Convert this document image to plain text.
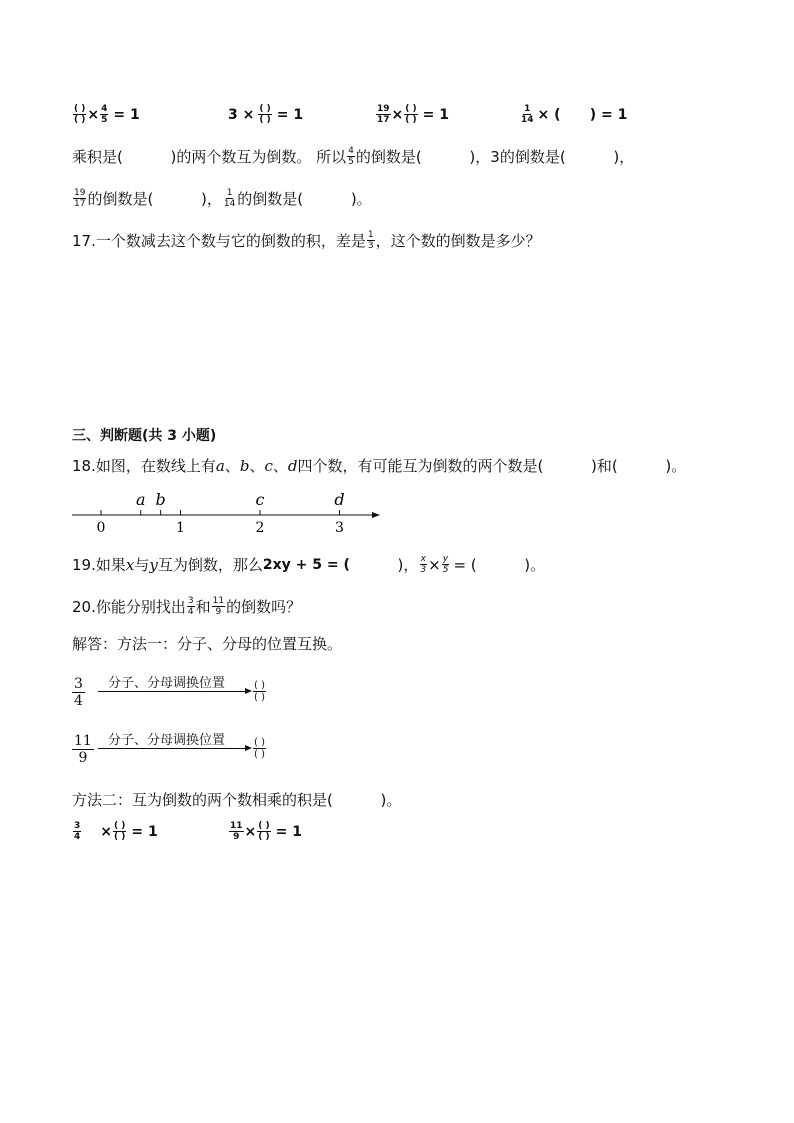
$\frac{( )}{( )} \times \frac{4}{5} = 1$	$3 \times \frac{( )}{( )} = 1$	$\frac{19}{17} \times \frac{( )}{( )} = 1$	$\frac{1}{14}$ × (      ) = 1
乘积是(          )的两个数互为倒数。 所以 $\frac{4}{5}$ 的倒数是(          )，3的倒数是(          )，
$\frac{19}{17}$ 的倒数是(          )， $\frac{1}{14}$ 的倒数是(          )。
17.一个数减去这个数与它的倒数的积，差是 $\frac{1}{3}$ ，这个数的倒数是多少？
三、判断题(共 3 小题)
18.如图，在数线上有 a 、 b 、 c 、 d 四个数，有可能互为倒数的两个数是(          )和(          )。
0	1	2	3
a b	c	d
19.如果 x 与 y 互为倒数，那么 2xy + 5 = ( )， $\frac{x}{3} \times \frac{y}{5}$ = (          )。
20.你能分别找出 $\frac{3}{4}$ 和 $\frac{11}{9}$ 的倒数吗？
解答：方法一：分子、分母的位置互换。
$\frac{3}{4}$ 分子、分母调换位置	$\frac{( )}{( )}$
$\frac{11}{9}$ 分子、分母调换位置	$\frac{( )}{( )}$
方法二：互为倒数的两个数相乘的积是(          )。
$\frac{3}{4} \times \frac{( )}{( )} = 1$	$\frac{11}{9} \times \frac{( )}{( )} = 1$
